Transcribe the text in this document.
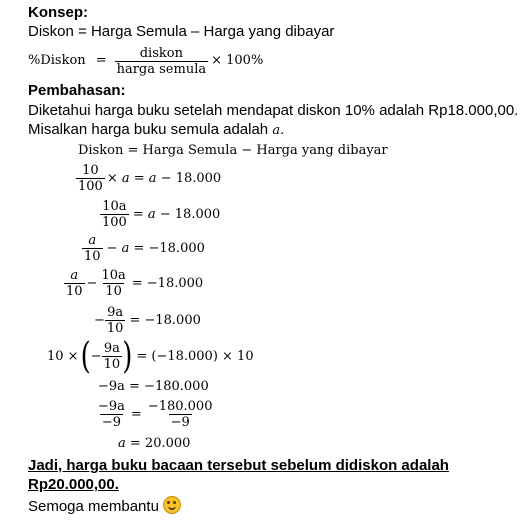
Konsep:
Diskon = Harga Semula – Harga yang dibayar
%Diskon = $\frac{\text{diskon}}{\text{harga semula}} \times 100\%$
Pembahasan:
Diketahui harga buku setelah mendapat diskon 10% adalah Rp18.000,00.
Misalkan harga buku semula adalah a.
Diskon = Harga Semula − Harga yang dibayar
$\frac{10}{100} \times a = a - 18.000$
$\frac{10a}{100} = a - 18.000$
$\frac{a}{10} - a = -18.000$
$\frac{a}{10} - \frac{10a}{10} = -18.000$
− $\frac{9a}{10} = -18.000$
10 × ( − $\frac{9a}{10}$ ) = (−18.000) × 10
−9a = −180.000
$\frac{-9a}{-9} = \frac{-180.000}{-9}$
a = 20.000
Jadi, harga buku bacaan tersebut sebelum didiskon adalah
Rp20.000,00.
Semoga membantu
